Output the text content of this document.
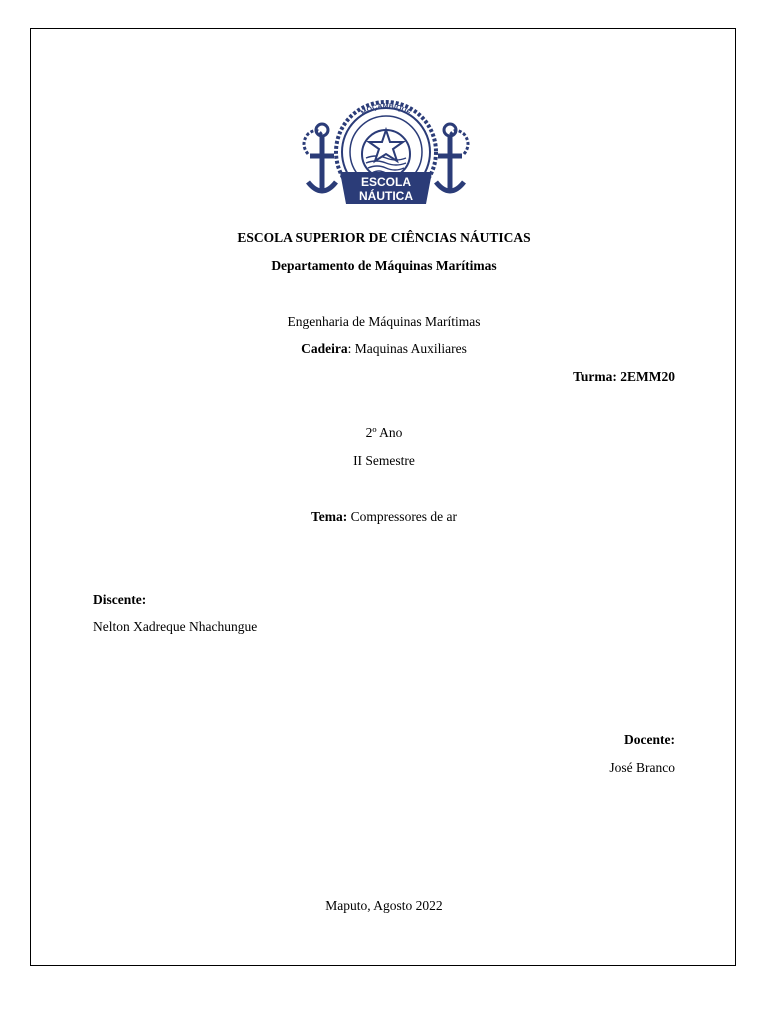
ESCOLA
NÁUTICA
MOÇAMBIQUE
ESCOLA SUPERIOR DE CIÊNCIAS NÁUTICAS
Departamento de Máquinas Marítimas
Engenharia de Máquinas Marítimas
Cadeira: Maquinas Auxiliares
Turma: 2EMM20
2º Ano
II Semestre
Tema: Compressores de ar
Discente:
Nelton Xadreque Nhachungue
Docente:
José Branco
Maputo, Agosto 2022
